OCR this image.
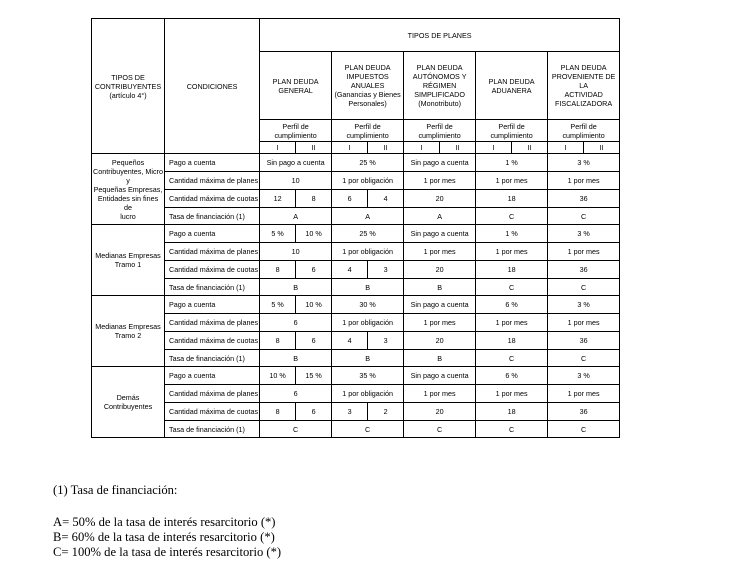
TIPOS DE
CONTRIBUYENTES
(artículo 4°)	CONDICIONES	TIPOS DE PLANES									
		PLAN DEUDA GENERAL		PLAN DEUDA
IMPUESTOS ANUALES
(Ganancias y Bienes
Personales)		PLAN DEUDA
AUTÓNOMOS Y
RÉGIMEN SIMPLIFICADO
(Monotributo)		PLAN DEUDA
ADUANERA		PLAN DEUDA
PROVENIENTE DE LA
ACTIVIDAD
FISCALIZADORA	
		Perfil de cumplimiento		Perfil de cumplimiento		Perfil de cumplimiento		Perfil de cumplimiento		Perfil de cumplimiento	
		I	II	I	II	I	II	I	II	I	II
Pequeños
Contribuyentes, Micro y
Pequeñas Empresas,
Entidades sin fines de
lucro	Pago a cuenta	Sin pago a cuenta		25 %		Sin pago a cuenta		1 %		3 %	
	Cantidad máxima de planes	10		1 por obligación		1 por mes		1 por mes		1 por mes	
	Cantidad máxima de cuotas	12	8	6	4	20		18		36	
	Tasa de financiación (1)	A		A		A		C		C	
Medianas Empresas
Tramo 1	Pago a cuenta	5 %	10 %	25 %		Sin pago a cuenta		1 %		3 %	
	Cantidad máxima de planes	10		1 por obligación		1 por mes		1 por mes		1 por mes	
	Cantidad máxima de cuotas	8	6	4	3	20		18		36	
	Tasa de financiación (1)	B		B		B		C		C	
Medianas Empresas
Tramo 2	Pago a cuenta	5 %	10 %	30 %		Sin pago a cuenta		6 %		3 %	
	Cantidad máxima de planes	6		1 por obligación		1 por mes		1 por mes		1 por mes	
	Cantidad máxima de cuotas	8	6	4	3	20		18		36	
	Tasa de financiación (1)	B		B		B		C		C	
Demás Contribuyentes	Pago a cuenta	10 %	15 %	35 %		Sin pago a cuenta		6 %		3 %	
	Cantidad máxima de planes	6		1 por obligación		1 por mes		1 por mes		1 por mes	
	Cantidad máxima de cuotas	8	6	3	2	20		18		36	
	Tasa de financiación (1)	C		C		C		C		C	
(1) Tasa de financiación:
A= 50% de la tasa de interés resarcitorio (*)
B= 60% de la tasa de interés resarcitorio (*)
C= 100% de la tasa de interés resarcitorio (*)
